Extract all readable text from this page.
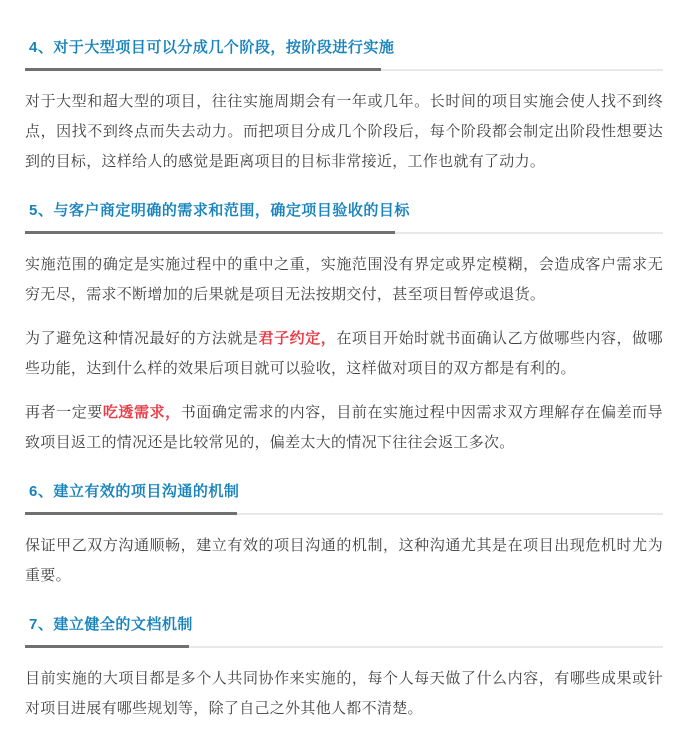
4、对于大型项目可以分成几个阶段，按阶段进行实施

对于大型和超大型的项目，往往实施周期会有一年或几年。长时间的项目实施会使人找不到终点，因找不到终点而失去动力。而把项目分成几个阶段后，每个阶段都会制定出阶段性想要达到的目标，这样给人的感觉是距离项目的目标非常接近，工作也就有了动力。

5、与客户商定明确的需求和范围，确定项目验收的目标

实施范围的确定是实施过程中的重中之重，实施范围没有界定或界定模糊，会造成客户需求无穷无尽，需求不断增加的后果就是项目无法按期交付，甚至项目暂停或退货。

为了避免这种情况最好的方法就是君子约定，在项目开始时就书面确认乙方做哪些内容，做哪些功能，达到什么样的效果后项目就可以验收，这样做对项目的双方都是有利的。

再者一定要吃透需求，书面确定需求的内容，目前在实施过程中因需求双方理解存在偏差而导致项目返工的情况还是比较常见的，偏差太大的情况下往往会返工多次。

6、建立有效的项目沟通的机制

保证甲乙双方沟通顺畅，建立有效的项目沟通的机制，这种沟通尤其是在项目出现危机时尤为重要。

7、建立健全的文档机制

目前实施的大项目都是多个人共同协作来实施的，每个人每天做了什么内容，有哪些成果或针对项目进展有哪些规划等，除了自己之外其他人都不清楚。
